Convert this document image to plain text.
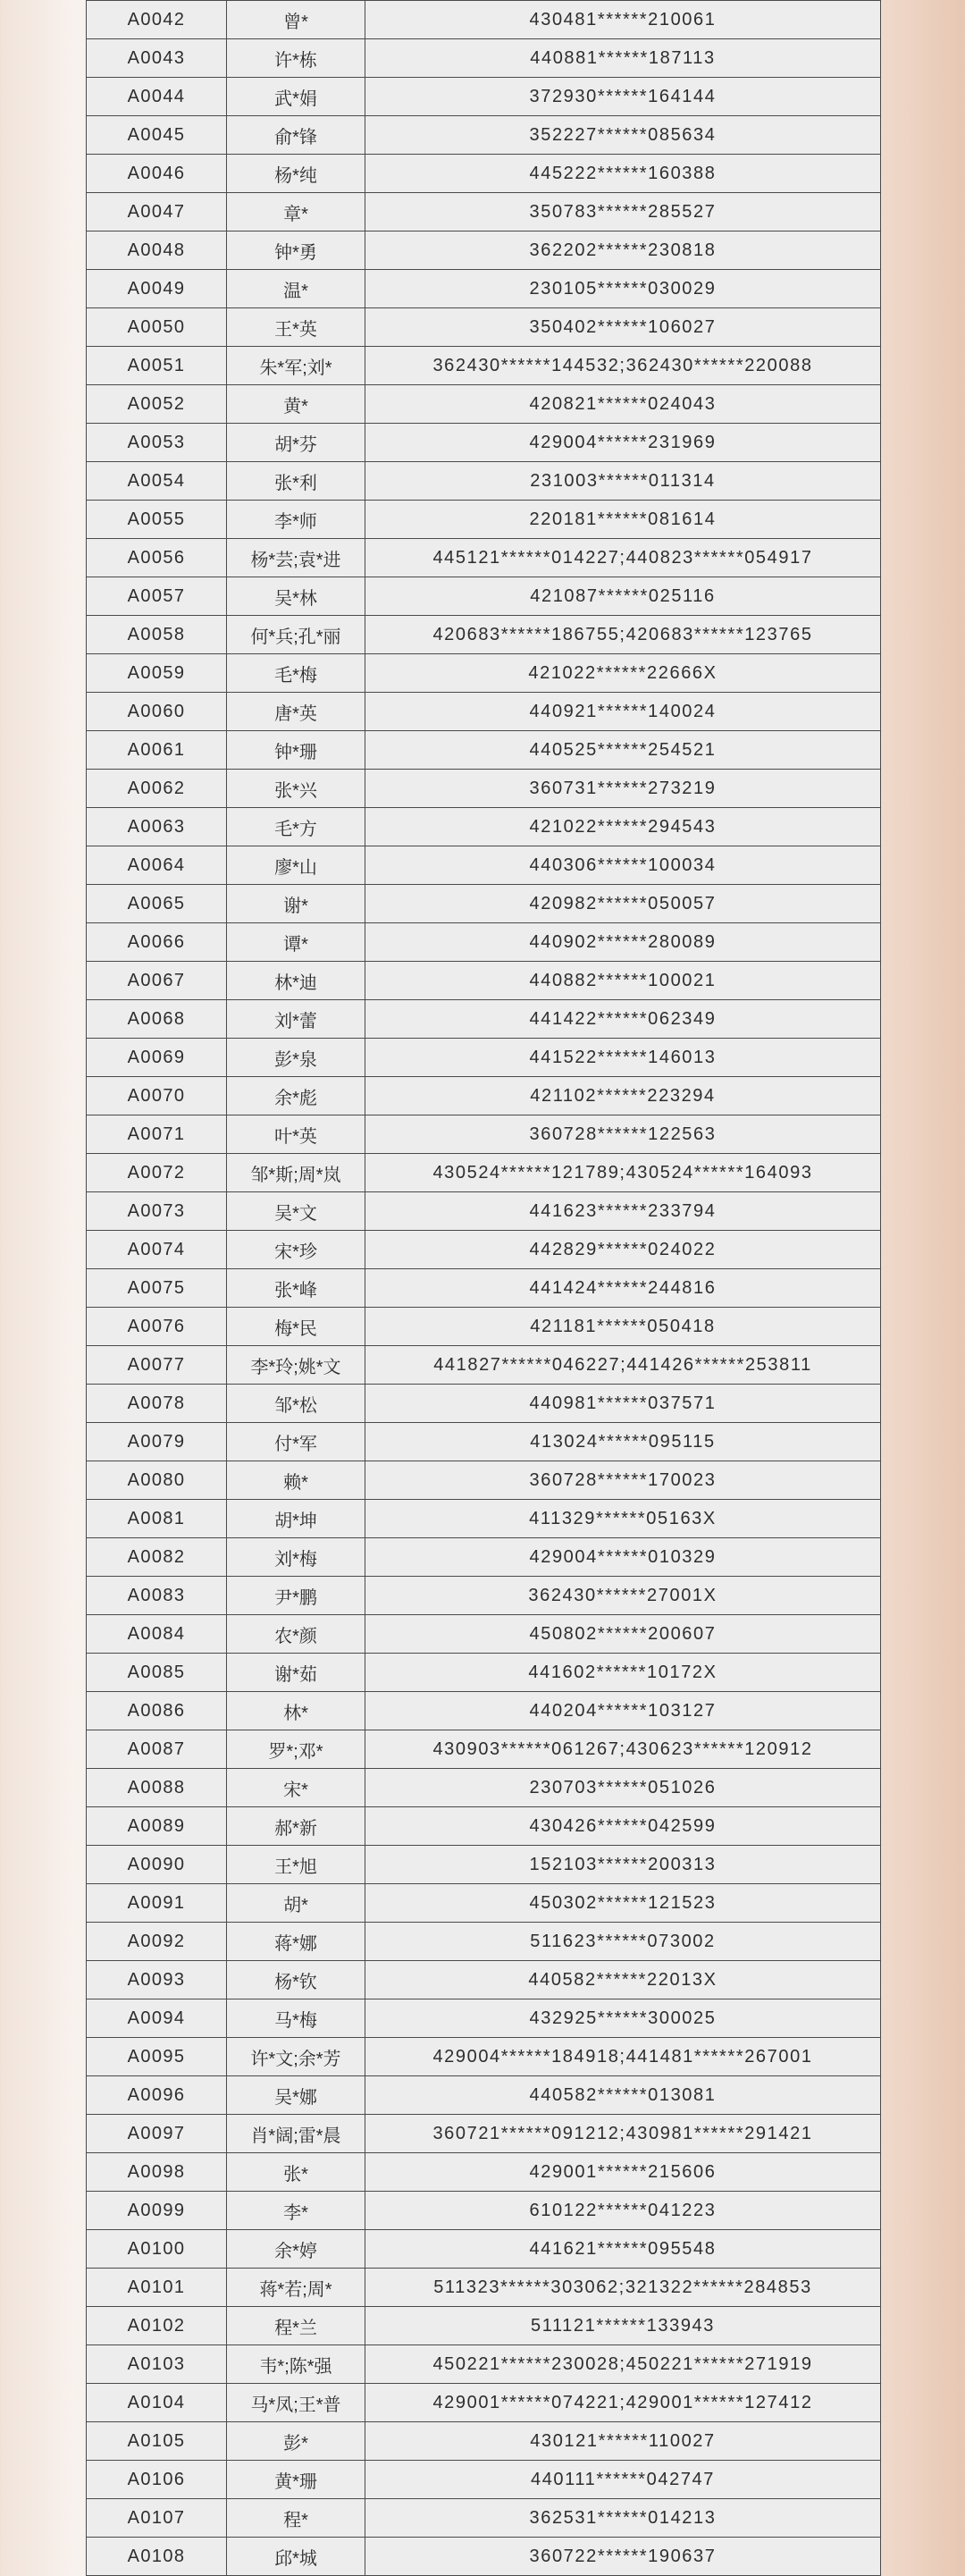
A0042	曾*	430481******210061
A0043	许*栋	440881******187113
A0044	武*娟	372930******164144
A0045	俞*锋	352227******085634
A0046	杨*纯	445222******160388
A0047	章*	350783******285527
A0048	钟*勇	362202******230818
A0049	温*	230105******030029
A0050	王*英	350402******106027
A0051	朱*军;刘*	362430******144532;362430******220088
A0052	黄*	420821******024043
A0053	胡*芬	429004******231969
A0054	张*利	231003******011314
A0055	李*师	220181******081614
A0056	杨*芸;袁*进	445121******014227;440823******054917
A0057	吴*林	421087******025116
A0058	何*兵;孔*丽	420683******186755;420683******123765
A0059	毛*梅	421022******22666X
A0060	唐*英	440921******140024
A0061	钟*珊	440525******254521
A0062	张*兴	360731******273219
A0063	毛*方	421022******294543
A0064	廖*山	440306******100034
A0065	谢*	420982******050057
A0066	谭*	440902******280089
A0067	林*迪	440882******100021
A0068	刘*蕾	441422******062349
A0069	彭*泉	441522******146013
A0070	余*彪	421102******223294
A0071	叶*英	360728******122563
A0072	邹*斯;周*岚	430524******121789;430524******164093
A0073	吴*文	441623******233794
A0074	宋*珍	442829******024022
A0075	张*峰	441424******244816
A0076	梅*民	421181******050418
A0077	李*玲;姚*文	441827******046227;441426******253811
A0078	邹*松	440981******037571
A0079	付*军	413024******095115
A0080	赖*	360728******170023
A0081	胡*坤	411329******05163X
A0082	刘*梅	429004******010329
A0083	尹*鹏	362430******27001X
A0084	农*颜	450802******200607
A0085	谢*茹	441602******10172X
A0086	林*	440204******103127
A0087	罗*;邓*	430903******061267;430623******120912
A0088	宋*	230703******051026
A0089	郝*新	430426******042599
A0090	王*旭	152103******200313
A0091	胡*	450302******121523
A0092	蒋*娜	511623******073002
A0093	杨*钦	440582******22013X
A0094	马*梅	432925******300025
A0095	许*文;余*芳	429004******184918;441481******267001
A0096	吴*娜	440582******013081
A0097	肖*阔;雷*晨	360721******091212;430981******291421
A0098	张*	429001******215606
A0099	李*	610122******041223
A0100	余*婷	441621******095548
A0101	蒋*若;周*	511323******303062;321322******284853
A0102	程*兰	511121******133943
A0103	韦*;陈*强	450221******230028;450221******271919
A0104	马*凤;王*普	429001******074221;429001******127412
A0105	彭*	430121******110027
A0106	黄*珊	440111******042747
A0107	程*	362531******014213
A0108	邱*城	360722******190637
